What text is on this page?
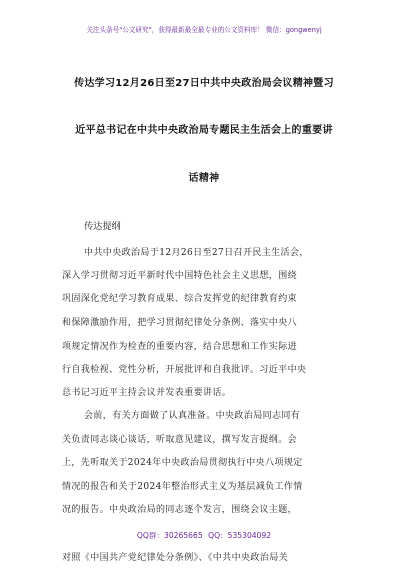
关注头条号"公文研究"，获得最新最全最专业的公文资料库！ 微信：gongwenyj
传达学习12月26日至27日中共中央政治局会议精神暨习
近平总书记在中共中央政治局专题民主生活会上的重要讲
话精神
传达提纲
中共中央政治局于12月26日至27日召开民主生活会，
深入学习贯彻习近平新时代中国特色社会主义思想，围绕
巩固深化党纪学习教育成果、综合发挥党的纪律教育约束
和保障激励作用，把学习贯彻纪律处分条例、落实中央八
项规定情况作为检查的重要内容，结合思想和工作实际进
行自我检视、党性分析，开展批评和自我批评。习近平中央
总书记习近平主持会议并发表重要讲话。
会前，有关方面做了认真准备。中央政治局同志同有
关负责同志谈心谈话，听取意见建议，撰写发言提纲。会
上，先听取关于2024年中央政治局贯彻执行中央八项规定
情况的报告和关于2024年整治形式主义为基层减负工作情
况的报告。中央政治局的同志逐个发言，围绕会议主题，
对照《中国共产党纪律处分条例》、《中共中央政治局关
QQ群：30265665 QQ：535304092
